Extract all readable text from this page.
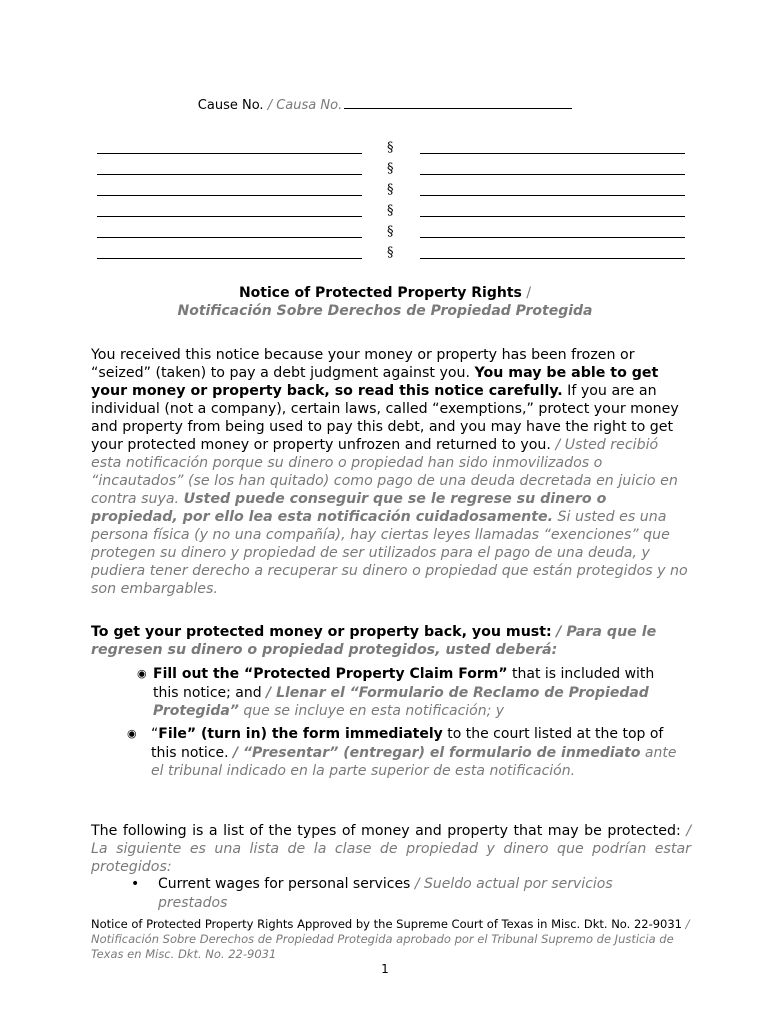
Cause No. / Causa No.
§
§
§
§
§
§
Notice of Protected Property Rights /
Notificación Sobre Derechos de Propiedad Protegida
You received this notice because your money or property has been frozen or “seized” (taken) to pay a debt judgment against you. You may be able to get your money or property back, so read this notice carefully. If you are an individual (not a company), certain laws, called “exemptions,” protect your money and property from being used to pay this debt, and you may have the right to get your protected money or property unfrozen and returned to you. / Usted recibió esta notificación porque su dinero o propiedad han sido inmovilizados o “incautados” (se los han quitado) como pago de una deuda decretada en juicio en contra suya. Usted puede conseguir que se le regrese su dinero o propiedad, por ello lea esta notificación cuidadosamente. Si usted es una persona física (y no una compañía), hay ciertas leyes llamadas “exenciones” que protegen su dinero y propiedad de ser utilizados para el pago de una deuda, y pudiera tener derecho a recuperar su dinero o propiedad que están protegidos y no son embargables.
To get your protected money or property back, you must: / Para que le regresen su dinero o propiedad protegidos, usted deberá:
◉ Fill out the “Protected Property Claim Form” that is included with this notice; and / Llenar el “Formulario de Reclamo de Propiedad Protegida” que se incluye en esta notificación; y
◉ “File” (turn in) the form immediately to the court listed at the top of this notice. / “Presentar” (entregar) el formulario de inmediato ante el tribunal indicado en la parte superior de esta notificación.
The following is a list of the types of money and property that may be protected: / La siguiente es una lista de la clase de propiedad y dinero que podrían estar protegidos:
• Current wages for personal services / Sueldo actual por servicios prestados
Notice of Protected Property Rights Approved by the Supreme Court of Texas in Misc. Dkt. No. 22-9031 / Notificación Sobre Derechos de Propiedad Protegida aprobado por el Tribunal Supremo de Justicia de Texas en Misc. Dkt. No. 22-9031
1
